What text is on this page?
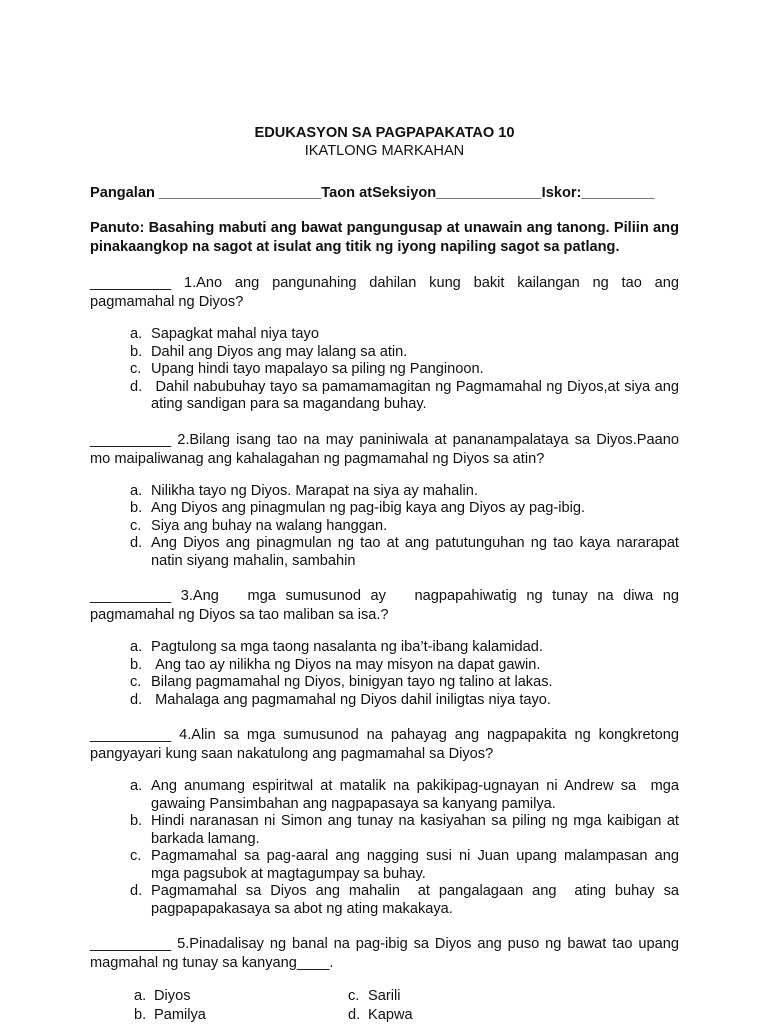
EDUKASYON SA PAGPAPAKATAO 10

IKATLONG MARKAHAN

Pangalan ____________________Taon atSeksiyon_____________Iskor:_________
Panuto: Basahing mabuti ang bawat pangungusap at unawain ang tanong. Piliin ang pinakaangkop na sagot at isulat ang titik ng iyong napiling sagot sa patlang.
__________ 1.Ano ang pangunahing dahilan kung bakit kailangan ng tao ang pagmamahal ng Diyos?
a. Sapagkat mahal niya tayo
b. Dahil ang Diyos ang may lalang sa atin.
c. Upang hindi tayo mapalayo sa piling ng Panginoon.
d. Dahil nabubuhay tayo sa pamamamagitan ng Pagmamahal ng Diyos,at siya ang ating sandigan para sa magandang buhay.
__________ 2.Bilang isang tao na may paniniwala at pananampalataya sa Diyos.Paano mo maipaliwanag ang kahalagahan ng pagmamahal ng Diyos sa atin?
a. Nilikha tayo ng Diyos. Marapat na siya ay mahalin.
b. Ang Diyos ang pinagmulan ng pag-ibig kaya ang Diyos ay pag-ibig.
c. Siya ang buhay na walang hanggan.
d. Ang Diyos ang pinagmulan ng tao at ang patutunguhan ng tao kaya nararapat natin siyang mahalin, sambahin
__________ 3.Ang   mga sumusunod ay   nagpapahiwatig ng tunay na diwa ng pagmamahal ng Diyos sa tao maliban sa isa.?
a. Pagtulong sa mga taong nasalanta ng iba’t-ibang kalamidad.
b. Ang tao ay nilikha ng Diyos na may misyon na dapat gawin.
c. Bilang pagmamahal ng Diyos, binigyan tayo ng talino at lakas.
d. Mahalaga ang pagmamahal ng Diyos dahil iniligtas niya tayo.
__________ 4.Alin sa mga sumusunod na pahayag ang nagpapakita ng kongkretong pangyayari kung saan nakatulong ang pagmamahal sa Diyos?
a. Ang anumang espiritwal at matalik na pakikipag-ugnayan ni Andrew sa  mga gawaing Pansimbahan ang nagpapasaya sa kanyang pamilya.
b. Hindi naranasan ni Simon ang tunay na kasiyahan sa piling ng mga kaibigan at barkada lamang.
c. Pagmamahal sa pag-aaral ang nagging susi ni Juan upang malampasan ang mga pagsubok at magtagumpay sa buhay.
d. Pagmamahal sa Diyos ang mahalin  at pangalagaan ang  ating buhay sa pagpapapakasaya sa abot ng ating makakaya.
__________ 5.Pinadalisay ng banal na pag-ibig sa Diyos ang puso ng bawat tao upang magmahal ng tunay sa kanyang____.
a. Diyos	c. Sarili
b. Pamilya	d. Kapwa
